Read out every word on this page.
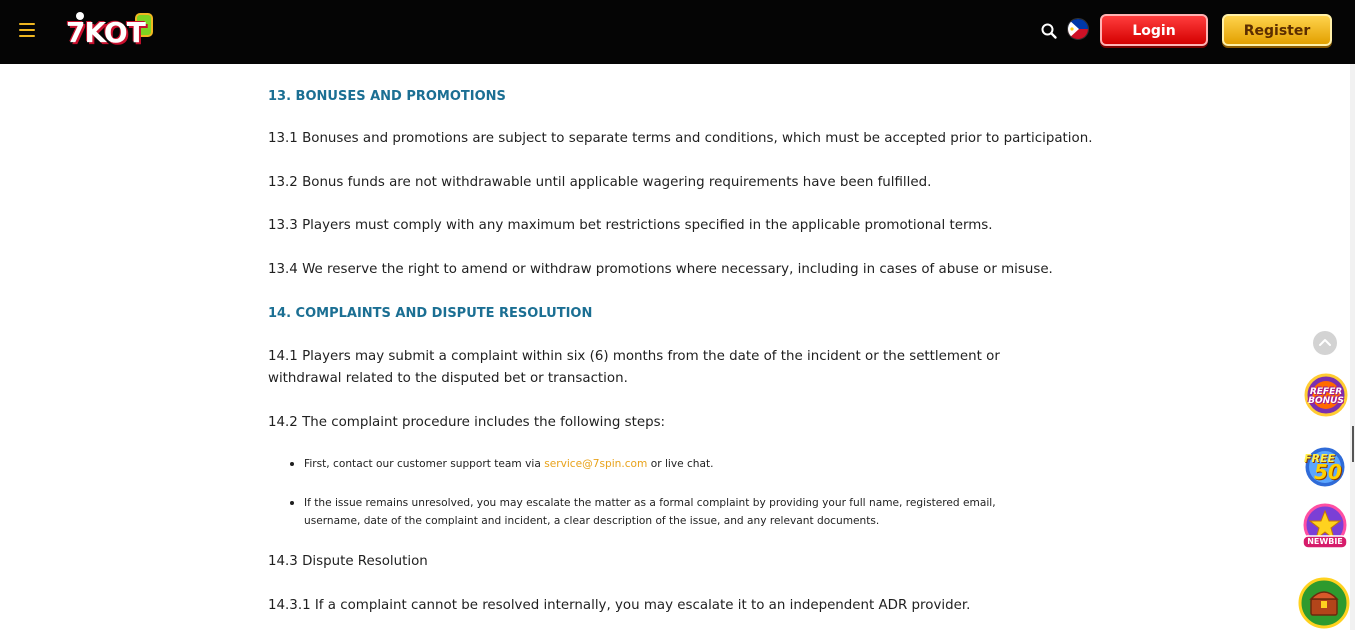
7KOT	Login	Register
13. BONUSES AND PROMOTIONS
13.1 Bonuses and promotions are subject to separate terms and conditions, which must be accepted prior to participation.
13.2 Bonus funds are not withdrawable until applicable wagering requirements have been fulfilled.
13.3 Players must comply with any maximum bet restrictions specified in the applicable promotional terms.
13.4 We reserve the right to amend or withdraw promotions where necessary, including in cases of abuse or misuse.
14. COMPLAINTS AND DISPUTE RESOLUTION
14.1 Players may submit a complaint within six (6) months from the date of the incident or the settlement or withdrawal related to the disputed bet or transaction.
14.2 The complaint procedure includes the following steps:
First, contact our customer support team via service@7spin.com or live chat.
If the issue remains unresolved, you may escalate the matter as a formal complaint by providing your full name, registered email, username, date of the complaint and incident, a clear description of the issue, and any relevant documents.
14.3 Dispute Resolution
14.3.1 If a complaint cannot be resolved internally, you may escalate it to an independent ADR provider.
REFER
BONUS
FREE
50
NEWBIE
